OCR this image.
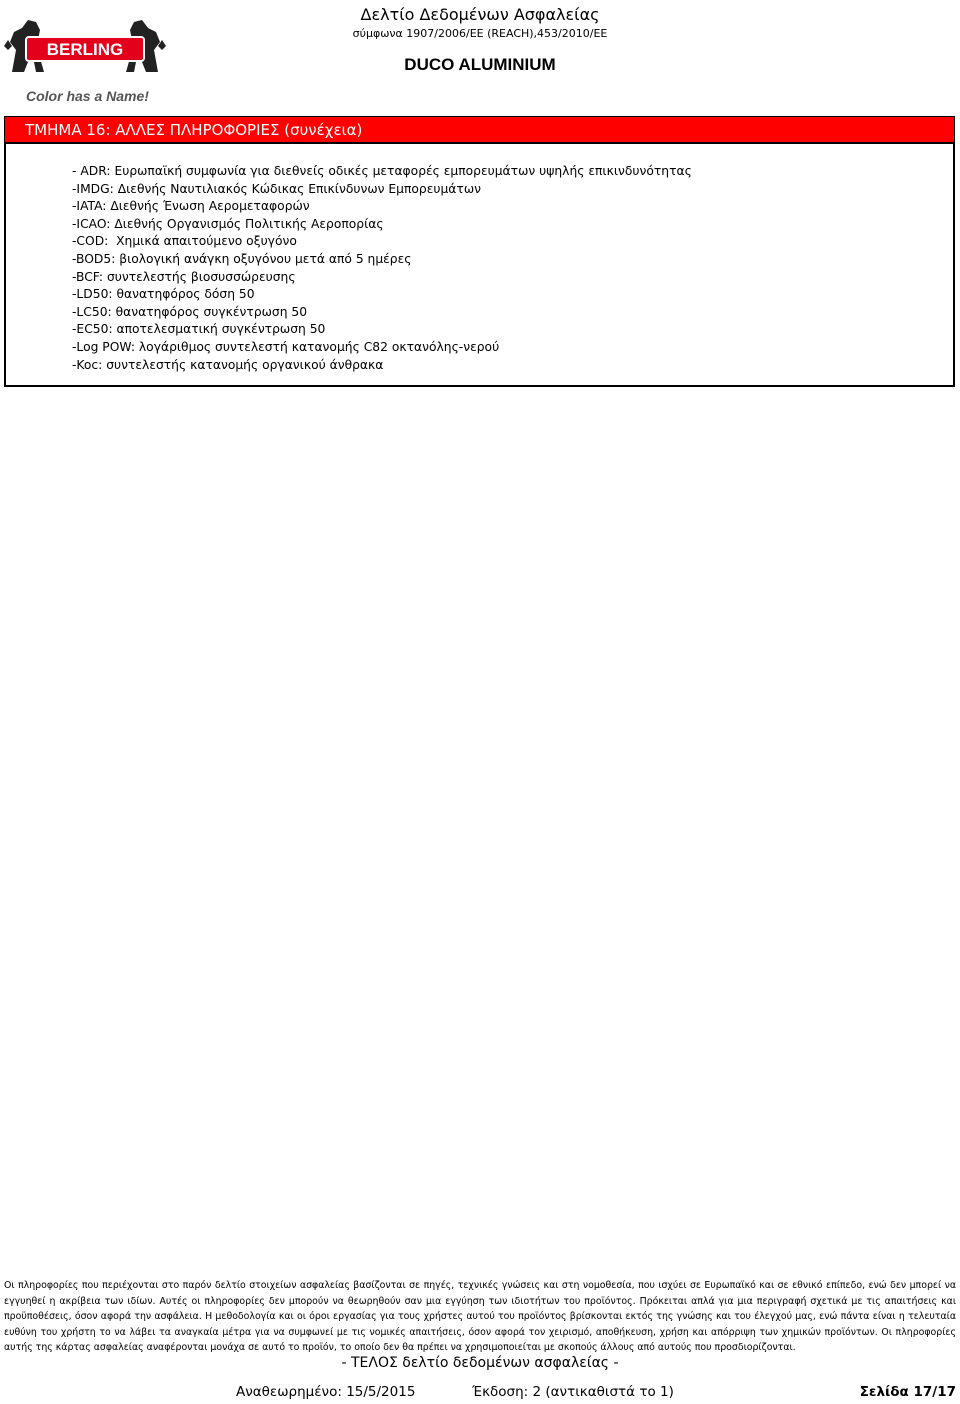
BERLING
Color has a Name!
Δελτίο Δεδομένων Ασφαλείας
σύμφωνα 1907/2006/ΕΕ (REACH),453/2010/ΕΕ
DUCO ALUMINIUM
ΤΜΗΜΑ 16: ΑΛΛΕΣ ΠΛΗΡΟΦΟΡΙΕΣ (συνέχεια)
- ADR: Ευρωπαϊκή συμφωνία για διεθνείς οδικές μεταφορές εμπορευμάτων υψηλής επικινδυνότητας
-IMDG: Διεθνής Ναυτιλιακός Κώδικας Επικίνδυνων Εμπορευμάτων
-IATA: Διεθνής Ένωση Αερομεταφορών
-ICAO: Διεθνής Οργανισμός Πολιτικής Αεροπορίας
-COD:  Χημικά απαιτούμενο οξυγόνο
-BOD5: βιολογική ανάγκη οξυγόνου μετά από 5 ημέρες
-BCF: συντελεστής βιοσυσσώρευσης
-LD50: θανατηφόρος δόση 50
-LC50: θανατηφόρος συγκέντρωση 50
-EC50: αποτελεσματική συγκέντρωση 50
-Log POW: λογάριθμος συντελεστή κατανομής C82 οκτανόλης-νερού
-Koc: συντελεστής κατανομής οργανικού άνθρακα
Οι πληροφορίες που περιέχονται στο παρόν δελτίο στοιχείων ασφαλείας βασίζονται σε πηγές, τεχνικές γνώσεις και στη νομοθεσία, που ισχύει σε Ευρωπαϊκό και σε εθνικό επίπεδο, ενώ δεν μπορεί να εγγυηθεί η ακρίβεια των ιδίων. Αυτές οι πληροφορίες δεν μπορούν να θεωρηθούν σαν μια εγγύηση των ιδιοτήτων του προϊόντος. Πρόκειται απλά για μια περιγραφή σχετικά με τις απαιτήσεις και προϋποθέσεις, όσον αφορά την ασφάλεια. Η μεθοδολογία και οι όροι εργασίας για τους χρήστες αυτού του προϊόντος βρίσκονται εκτός της γνώσης και του έλεγχού μας, ενώ πάντα είναι η τελευταία ευθύνη του χρήστη το να λάβει τα αναγκαία μέτρα για να συμφωνεί με τις νομικές απαιτήσεις, όσον αφορά τον χειρισμό, αποθήκευση, χρήση και απόρριψη των χημικών προϊόντων. Οι πληροφορίες αυτής της κάρτας ασφαλείας αναφέρονται μονάχα σε αυτό το προϊόν, το οποίο δεν θα πρέπει να χρησιμοποιείται με σκοπούς άλλους από αυτούς που προσδιορίζονται.
- ΤΕΛΟΣ δελτίο δεδομένων ασφαλείας -
Αναθεωρημένο: 15/5/2015	Έκδοση: 2 (αντικαθιστά το 1)	Σελίδα 17/17
